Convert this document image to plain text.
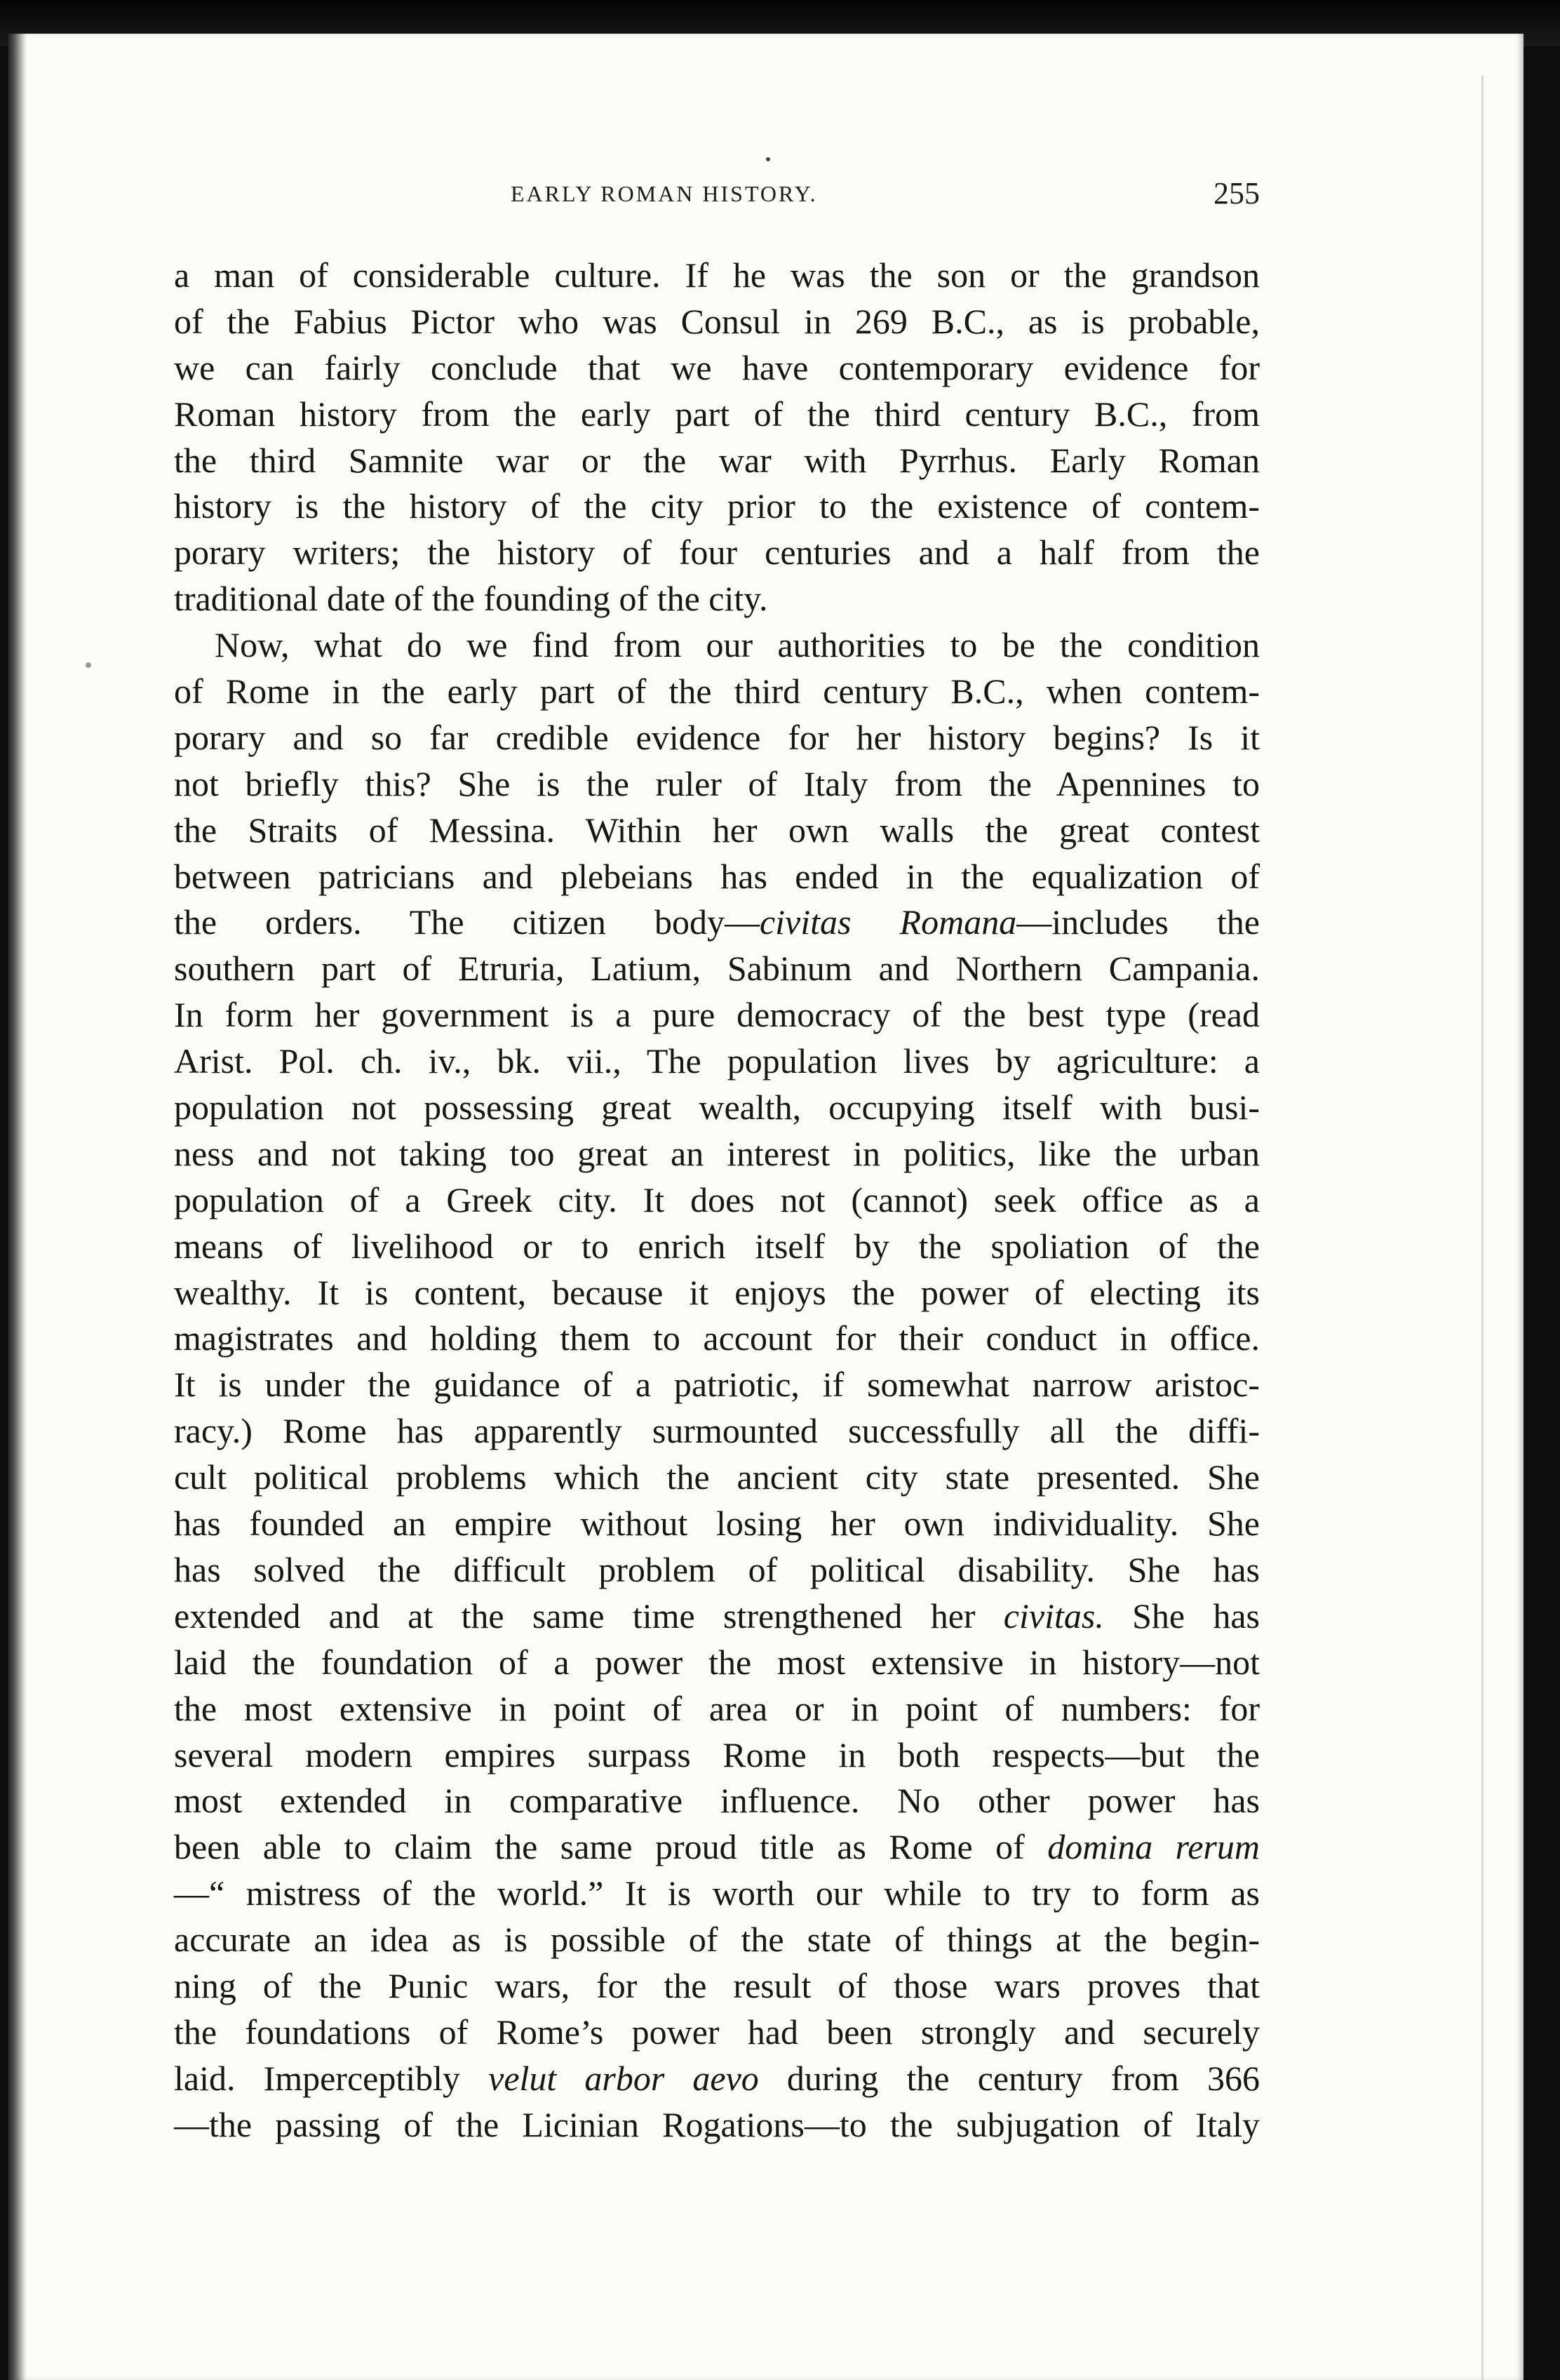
EARLY ROMAN HISTORY.	255
a man of considerable culture. If he was the son or the grandson
of the Fabius Pictor who was Consul in 269 B.C., as is probable,
we can fairly conclude that we have contemporary evidence for
Roman history from the early part of the third century B.C., from
the third Samnite war or the war with Pyrrhus. Early Roman
history is the history of the city prior to the existence of contem-
porary writers; the history of four centuries and a half from the
traditional date of the founding of the city.
Now, what do we find from our authorities to be the condition
of Rome in the early part of the third century B.C., when contem-
porary and so far credible evidence for her history begins? Is it
not briefly this? She is the ruler of Italy from the Apennines to
the Straits of Messina. Within her own walls the great contest
between patricians and plebeians has ended in the equalization of
the orders. The citizen body—civitas Romana—includes the
southern part of Etruria, Latium, Sabinum and Northern Campania.
In form her government is a pure democracy of the best type (read
Arist. Pol. ch. iv., bk. vii., The population lives by agriculture: a
population not possessing great wealth, occupying itself with busi-
ness and not taking too great an interest in politics, like the urban
population of a Greek city. It does not (cannot) seek office as a
means of livelihood or to enrich itself by the spoliation of the
wealthy. It is content, because it enjoys the power of electing its
magistrates and holding them to account for their conduct in office.
It is under the guidance of a patriotic, if somewhat narrow aristoc-
racy.) Rome has apparently surmounted successfully all the diffi-
cult political problems which the ancient city state presented. She
has founded an empire without losing her own individuality. She
has solved the difficult problem of political disability. She has
extended and at the same time strengthened her civitas. She has
laid the foundation of a power the most extensive in history—not
the most extensive in point of area or in point of numbers: for
several modern empires surpass Rome in both respects—but the
most extended in comparative influence. No other power has
been able to claim the same proud title as Rome of domina rerum
—“ mistress of the world.” It is worth our while to try to form as
accurate an idea as is possible of the state of things at the begin-
ning of the Punic wars, for the result of those wars proves that
the foundations of Rome’s power had been strongly and securely
laid. Imperceptibly velut arbor aevo during the century from 366
—the passing of the Licinian Rogations—to the subjugation of Italy
